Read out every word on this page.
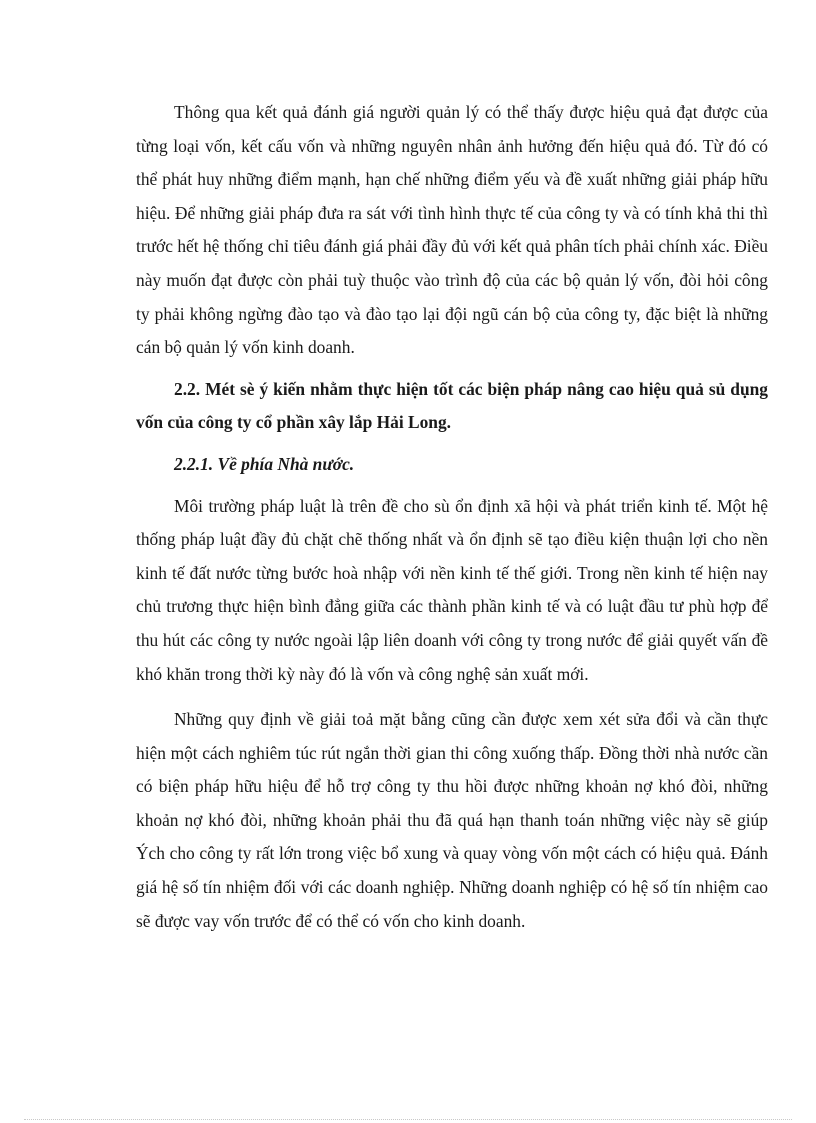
Thông qua kết quả đánh giá người quản lý có thể thấy được hiệu quả đạt được của từng loại vốn, kết cấu vốn và những nguyên nhân ảnh hưởng đến hiệu quả đó. Từ đó có thể phát huy những điểm mạnh, hạn chế những điểm yếu và đề xuất những giải pháp hữu hiệu. Để những giải pháp đưa ra sát với tình hình thực tế của công ty và có tính khả thi thì trước hết hệ thống chỉ tiêu đánh giá phải đầy đủ với kết quả phân tích phải chính xác. Điều này muốn đạt được còn phải tuỳ thuộc vào trình độ của các bộ quản lý vốn, đòi hỏi công ty phải không ngừng đào tạo và đào tạo lại đội ngũ cán bộ của công ty, đặc biệt là những cán bộ quản lý vốn kinh doanh.

2.2. Mét sè ý kiến nhằm thực hiện tốt các biện pháp nâng cao hiệu quả sủ dụng vốn của công ty cổ phần xây lắp Hải Long.

2.2.1. Về phía Nhà nước.

Môi trường pháp luật là trên đề cho sù ổn định xã hội và phát triển kinh tế. Một hệ thống pháp luật đầy đủ chặt chẽ thống nhất và ổn định sẽ tạo điều kiện thuận lợi cho nền kinh tế đất nước từng bước hoà nhập với nền kinh tế thế giới. Trong nền kinh tế hiện nay chủ trương thực hiện bình đẳng giữa các thành phần kinh tế và có luật đầu tư phù hợp để thu hút các công ty nước ngoài lập liên doanh với công ty trong nước để giải quyết vấn đề khó khăn trong thời kỳ này đó là vốn và công nghệ sản xuất mới.

Những quy định về giải toả mặt bằng cũng cần được xem xét sửa đổi và cần thực hiện một cách nghiêm túc rút ngắn thời gian thi công xuống thấp. Đồng thời nhà nước cần có biện pháp hữu hiệu để hỗ trợ công ty thu hồi được những khoản nợ khó đòi, những khoản nợ khó đòi, những khoản phải thu đã quá hạn thanh toán những việc này sẽ giúp Ých cho công ty rất lớn trong việc bổ xung và quay vòng vốn một cách có hiệu quả. Đánh giá hệ số tín nhiệm đối với các doanh nghiệp. Những doanh nghiệp có hệ số tín nhiệm cao sẽ được vay vốn trước để có thể có vốn cho kinh doanh.
